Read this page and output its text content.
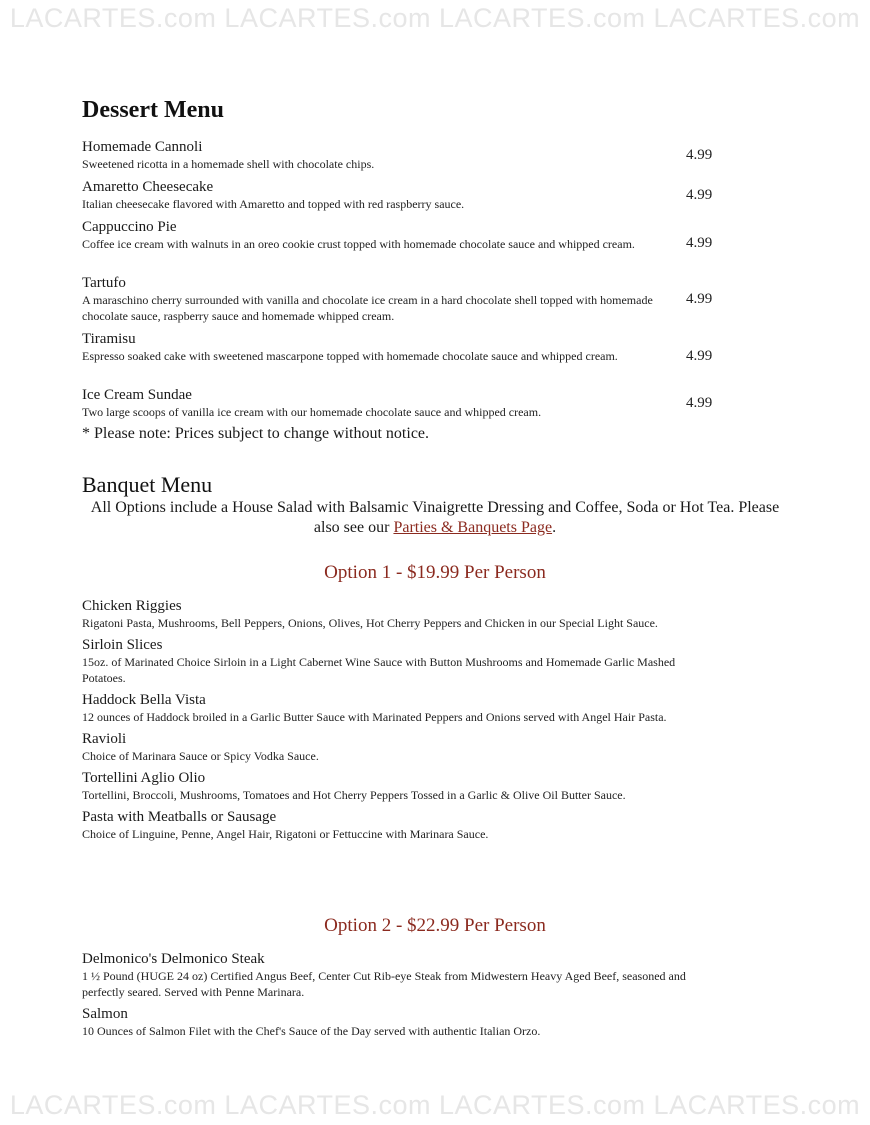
LACARTES.com LACARTES.com LACARTES.com LACARTES.com
Dessert Menu
Homemade Cannoli
Sweetened ricotta in a homemade shell with chocolate chips.
4.99
Amaretto Cheesecake
Italian cheesecake flavored with Amaretto and topped with red raspberry sauce.
4.99
Cappuccino Pie
Coffee ice cream with walnuts in an oreo cookie crust topped with homemade chocolate sauce and whipped cream.	4.99
Tartufo
A maraschino cherry surrounded with vanilla and chocolate ice cream in a hard chocolate shell topped with homemade chocolate sauce, raspberry sauce and homemade whipped cream.
4.99
Tiramisu
Espresso soaked cake with sweetened mascarpone topped with homemade chocolate sauce and whipped cream.	4.99
Ice Cream Sundae
Two large scoops of vanilla ice cream with our homemade chocolate sauce and whipped cream.
4.99
* Please note: Prices subject to change without notice.
Banquet Menu
All Options include a House Salad with Balsamic Vinaigrette Dressing and Coffee, Soda or Hot Tea. Please also see our Parties & Banquets Page.
Option 1 - $19.99 Per Person
Chicken Riggies
Rigatoni Pasta, Mushrooms, Bell Peppers, Onions, Olives, Hot Cherry Peppers and Chicken in our Special Light Sauce.
Sirloin Slices
15oz. of Marinated Choice Sirloin in a Light Cabernet Wine Sauce with Button Mushrooms and Homemade Garlic Mashed Potatoes.
Haddock Bella Vista
12 ounces of Haddock broiled in a Garlic Butter Sauce with Marinated Peppers and Onions served with Angel Hair Pasta.
Ravioli
Choice of Marinara Sauce or Spicy Vodka Sauce.
Tortellini Aglio Olio
Tortellini, Broccoli, Mushrooms, Tomatoes and Hot Cherry Peppers Tossed in a Garlic & Olive Oil Butter Sauce.
Pasta with Meatballs or Sausage
Choice of Linguine, Penne, Angel Hair, Rigatoni or Fettuccine with Marinara Sauce.
Option 2 - $22.99 Per Person
Delmonico's Delmonico Steak
1 ½ Pound (HUGE 24 oz) Certified Angus Beef, Center Cut Rib-eye Steak from Midwestern Heavy Aged Beef, seasoned and perfectly seared. Served with Penne Marinara.
Salmon
10 Ounces of Salmon Filet with the Chef's Sauce of the Day served with authentic Italian Orzo.
LACARTES.com LACARTES.com LACARTES.com LACARTES.com
